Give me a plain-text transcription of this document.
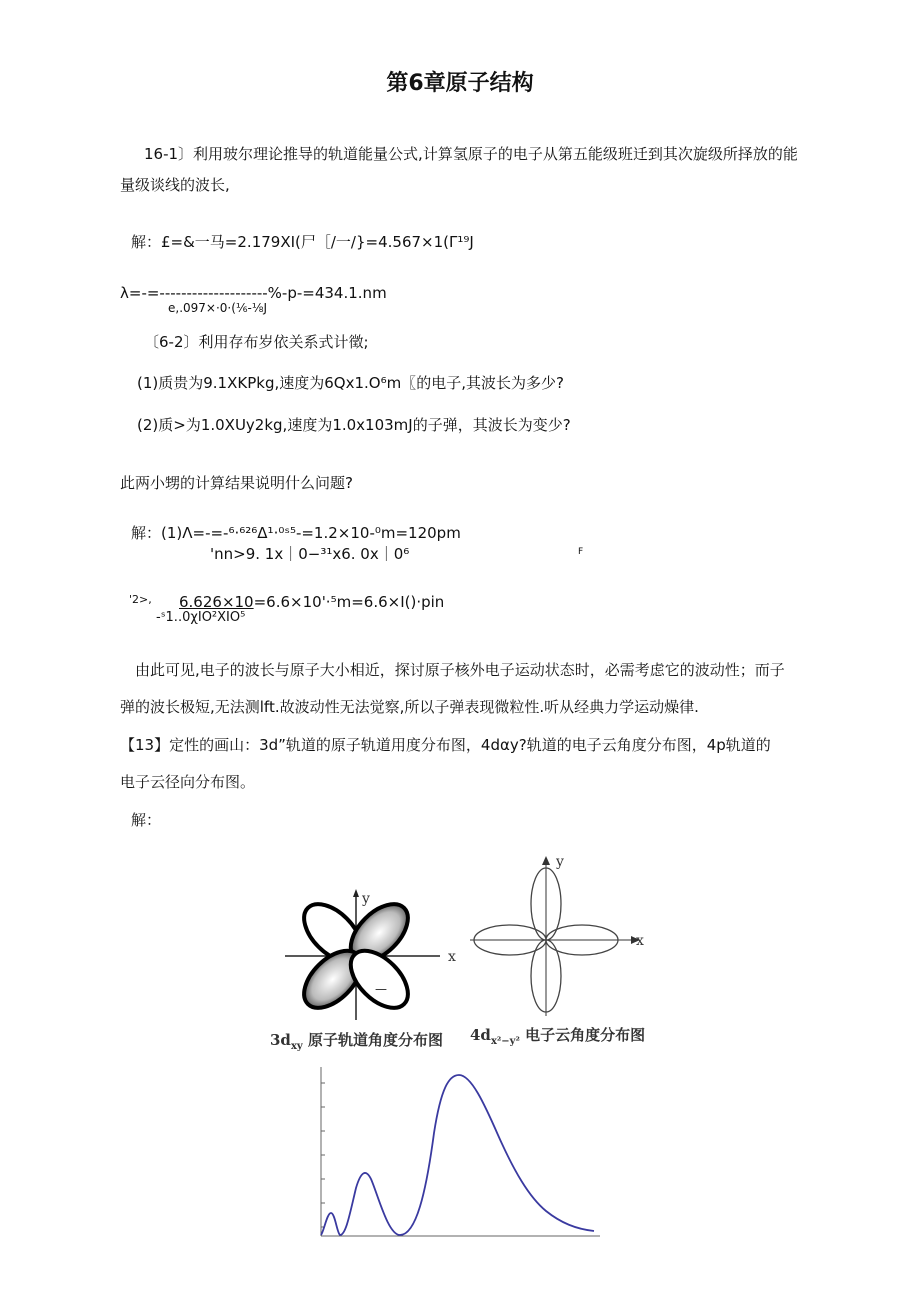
第6章原子结构
16-1〕利用玻尔理论推导的轨道能量公式,计算氢原子的电子从第五能级班迁到其次旋级所择放的能
量级谈线的波长,
解：£=&一马=2.179XI(尸［/一/}=4.567×1(Γ¹⁹J
λ=-=--------------------%-p-=434.1.nm
e,.097×·0·(⅙-⅛J
〔6-2〕利用存布岁依关系式计徵;
(1)质贵为9.1XKPkg,速度为6Qx1.O⁶m〖的电子,其波长为多少?
(2)质>为1.0XUy2kg,速度为1.0x103mJ的子弹，其波长为变少?
此两小甥的计算结果说明什么问题?
解：(1)Λ=-=-⁶·⁶²⁶Δ¹·⁰ˢ⁵-=1.2×10-⁰m=120pm
'nn>9. 1x｜0−³¹x6. 0x｜0⁶	F
'2>, 6.626×10=6.6×10'·⁵m=6.6×I()·pin
-ˢ1..0χIO²XIO⁵
由此可见,电子的波长与原子大小相近，探讨原子核外电子运动状态时，必需考虑它的波动性；而子
弹的波长极短,无法测lft.故波动性无法觉察,所以子弹表现微粒性.听从经典力学运动燥律.
【13】定性的画山：3d”轨道的原子轨道用度分布图，4dαy?轨道的电子云角度分布图，4p轨道的
电子云径向分布图。
解：
x
y
—
$3d_{xy}$ 原子轨道角度分布图
x
y
$4d_{x^2-y^2}$ 电子云角度分布图
